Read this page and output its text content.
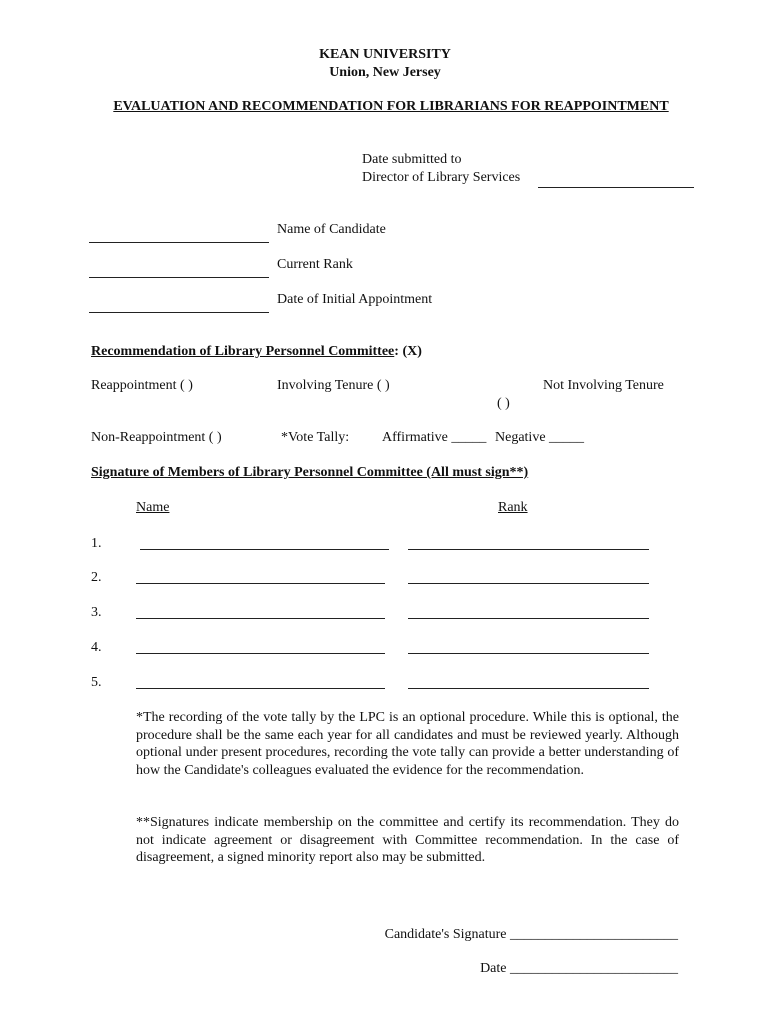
KEAN UNIVERSITY
Union, New Jersey
EVALUATION AND RECOMMENDATION FOR LIBRARIANS FOR REAPPOINTMENT
Date submitted to
Director of Library Services
Name of Candidate
Current Rank
Date of Initial Appointment
Recommendation of Library Personnel Committee: (X)
Reappointment ( )	Involving Tenure ( )	Not Involving Tenure
( )
Non-Reappointment ( )	*Vote Tally: Affirmative _____ Negative _____
Signature of Members of Library Personnel Committee (All must sign**)
Name	Rank
1.
2.
3.
4.
5.
*The recording of the vote tally by the LPC is an optional procedure. While this is optional, the procedure shall be the same each year for all candidates and must be reviewed yearly. Although optional under present procedures, recording the vote tally can provide a better understanding of how the Candidate's colleagues evaluated the evidence for the recommendation.
**Signatures indicate membership on the committee and certify its recommendation. They do not indicate agreement or disagreement with Committee recommendation. In the case of disagreement, a signed minority report also may be submitted.
Candidate's Signature ________________________
Date ________________________
